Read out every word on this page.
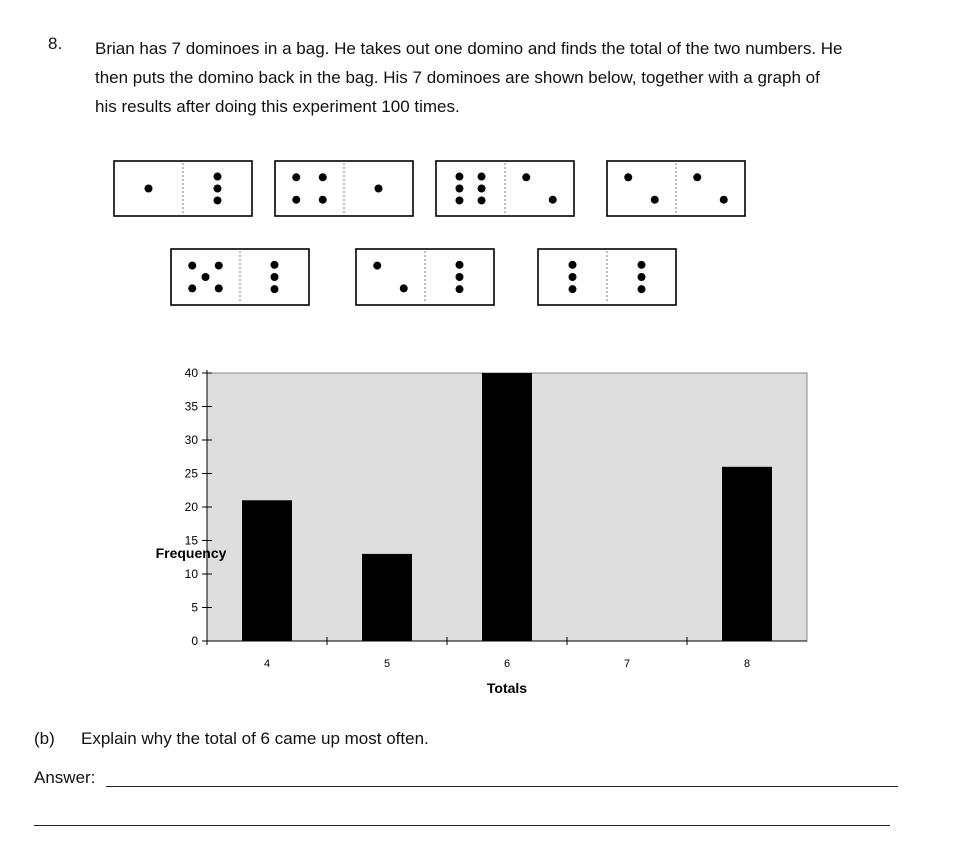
8. Brian has 7 dominoes in a bag. He takes out one domino and finds the total of the two numbers. He

then puts the domino back in the bag. His 7 dominoes are shown below, together with a graph of

his results after doing this experiment 100 times.

0
5
10
15
20
25
30
35
40
4	5	6	7	8
Totals
Frequency
(b) Explain why the total of 6 came up most often.
Answer:
